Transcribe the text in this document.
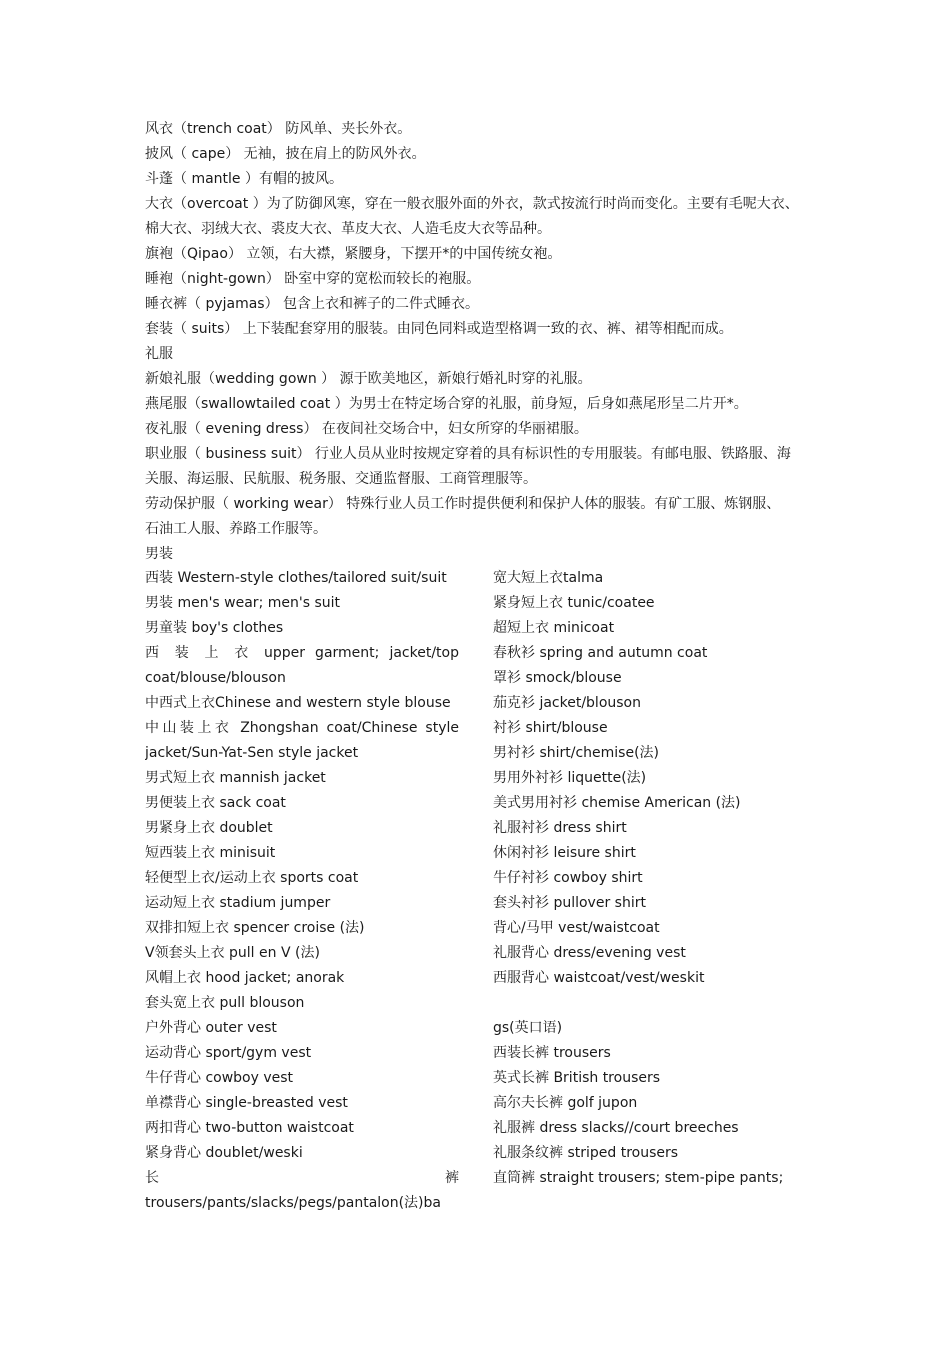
风衣（trench coat） 防风单、夹长外衣。
披风（ cape） 无袖，披在肩上的防风外衣。
斗蓬（ mantle ）有帽的披风。
大衣（overcoat ）为了防御风寒，穿在一般衣服外面的外衣，款式按流行时尚而变化。主要有毛呢大衣、
棉大衣、羽绒大衣、裘皮大衣、革皮大衣、人造毛皮大衣等品种。
旗袍（Qipao） 立领，右大襟，紧腰身，下摆开*的中国传统女袍。
睡袍（night-gown） 卧室中穿的宽松而较长的袍服。
睡衣裤（ pyjamas） 包含上衣和裤子的二件式睡衣。
套装（ suits） 上下装配套穿用的服装。由同色同料或造型格调一致的衣、裤、裙等相配而成。
礼服
新娘礼服（wedding gown ） 源于欧美地区，新娘行婚礼时穿的礼服。
燕尾服（swallowtailed coat ）为男士在特定场合穿的礼服，前身短，后身如燕尾形呈二片开*。
夜礼服（ evening dress） 在夜间社交场合中，妇女所穿的华丽裙服。
职业服（ business suit） 行业人员从业时按规定穿着的具有标识性的专用服装。有邮电服、铁路服、海
关服、海运服、民航服、税务服、交通监督服、工商管理服等。
劳动保护服（ working wear） 特殊行业人员工作时提供便利和保护人体的服装。有矿工服、炼钢服、
石油工人服、养路工作服等。
男装
西装 Western-style clothes/tailored suit/suit
男装 men's wear; men's suit
男童装 boy's clothes
西 装 上 衣 upper garment; jacket/top
coat/blouse/blouson
中西式上衣Chinese and western style blouse
中山装上衣 Zhongshan coat/Chinese style
jacket/Sun-Yat-Sen style jacket
男式短上衣 mannish jacket
男便装上衣 sack coat
男紧身上衣 doublet
短西装上衣 minisuit
轻便型上衣/运动上衣 sports coat
运动短上衣 stadium jumper
双排扣短上衣 spencer croise (法)
V领套头上衣 pull en V (法)
风帽上衣 hood jacket; anorak
套头宽上衣 pull blouson
户外背心 outer vest
运动背心 sport/gym vest
牛仔背心 cowboy vest
单襟背心 single-breasted vest
两扣背心 two-button waistcoat
紧身背心 doublet/weski
长 裤
trousers/pants/slacks/pegs/pantalon(法)ba
宽大短上衣talma
紧身短上衣 tunic/coatee
超短上衣 minicoat
春秋衫 spring and autumn coat
罩衫 smock/blouse
茄克衫 jacket/blouson
衬衫 shirt/blouse
男衬衫 shirt/chemise(法)
男用外衬衫 liquette(法)
美式男用衬衫 chemise American (法)
礼服衬衫 dress shirt
休闲衬衫 leisure shirt
牛仔衬衫 cowboy shirt
套头衬衫 pullover shirt
背心/马甲 vest/waistcoat
礼服背心 dress/evening vest
西服背心 waistcoat/vest/weskit
gs(英口语)
西装长裤 trousers
英式长裤 British trousers
高尔夫长裤 golf jupon
礼服裤 dress slacks//court breeches
礼服条纹裤 striped trousers
直筒裤 straight trousers; stem-pipe pants;
